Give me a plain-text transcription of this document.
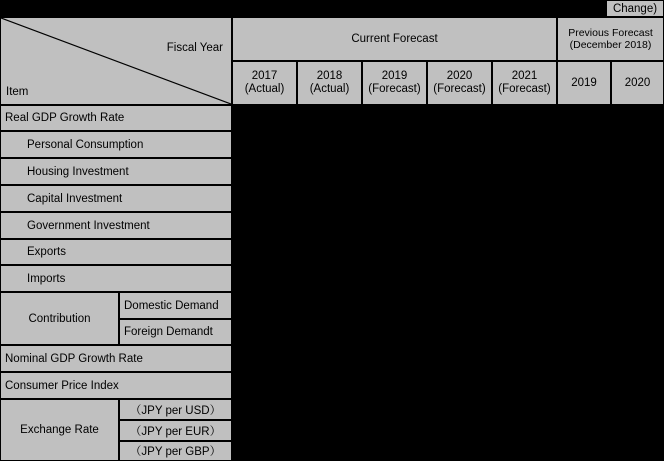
Change)
Fiscal Year
Item
Current Forecast
Previous Forecast
(December 2018)
2017
(Actual)
2018
(Actual)
2019
(Forecast)
2020
(Forecast)
2021
(Forecast)	2019	2020
Real GDP Growth Rate
Personal Consumption
Housing Investment
Capital Investment
Government Investment
Exports
Imports
Contribution
Domestic Demand
Foreign Demandt
Nominal GDP Growth Rate
Consumer Price Index
Exchange Rate
（JPY per USD）
（JPY per EUR）
（JPY per GBP）
